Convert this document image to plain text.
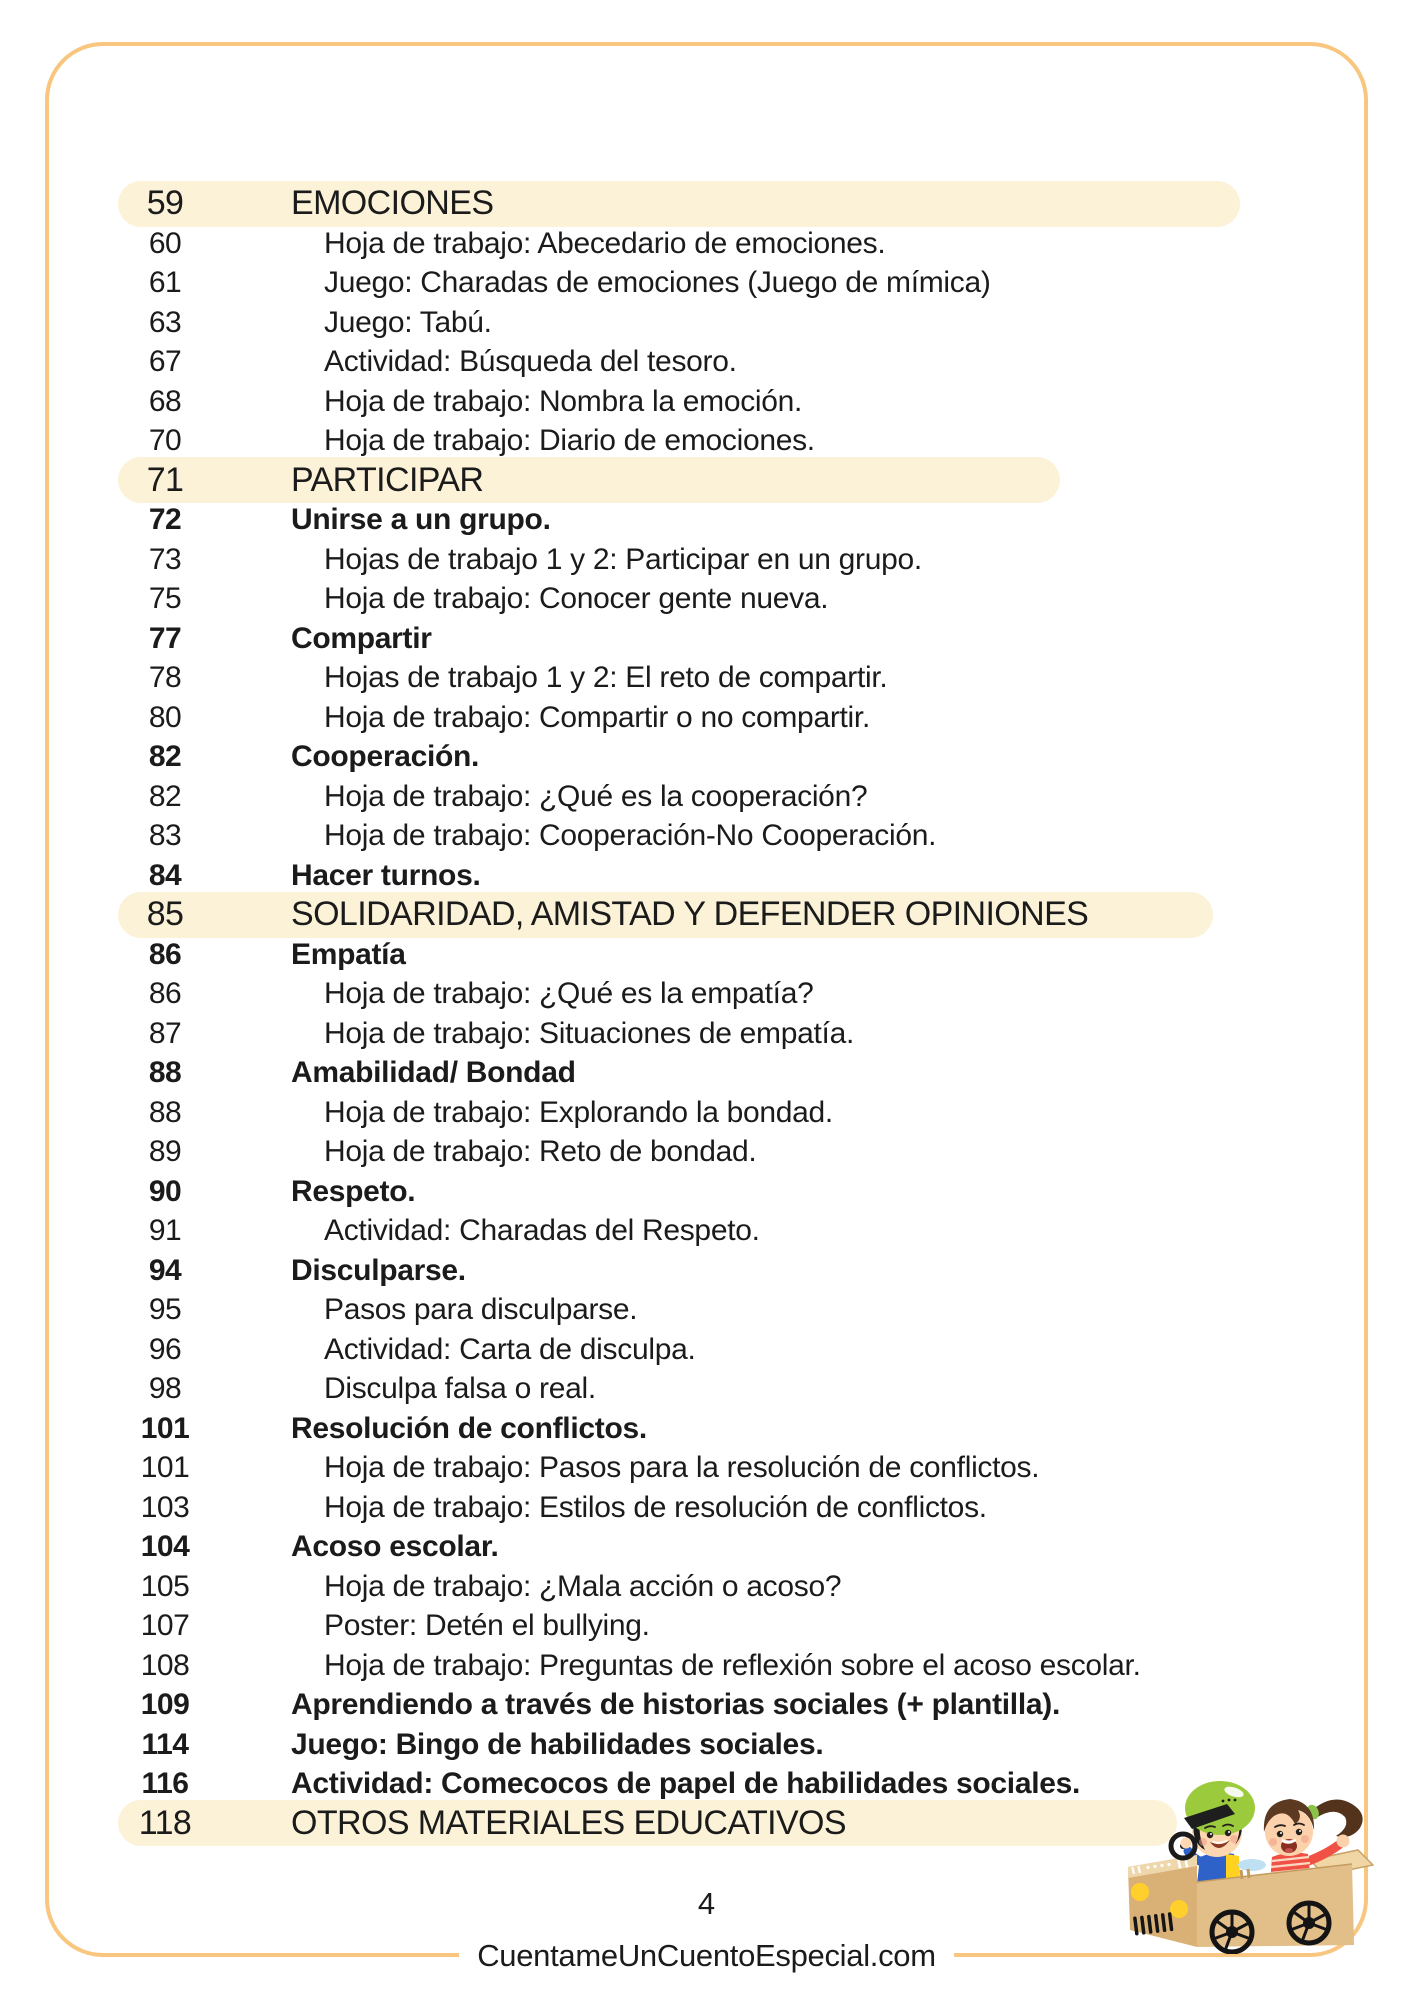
59	EMOCIONES
60	Hoja de trabajo: Abecedario de emociones.
61	Juego: Charadas de emociones (Juego de mímica)
63	Juego: Tabú.
67	Actividad: Búsqueda del tesoro.
68	Hoja de trabajo: Nombra la emoción.
70	Hoja de trabajo: Diario de emociones.
71	PARTICIPAR
72	Unirse a un grupo.
73	Hojas de trabajo 1 y 2: Participar en un grupo.
75	Hoja de trabajo: Conocer gente nueva.
77	Compartir
78	Hojas de trabajo 1 y 2: El reto de compartir.
80	Hoja de trabajo: Compartir o no compartir.
82	Cooperación.
82	Hoja de trabajo: ¿Qué es la cooperación?
83	Hoja de trabajo: Cooperación-No Cooperación.
84	Hacer turnos.
85	SOLIDARIDAD, AMISTAD Y DEFENDER OPINIONES
86	Empatía
86	Hoja de trabajo: ¿Qué es la empatía?
87	Hoja de trabajo: Situaciones de empatía.
88	Amabilidad/ Bondad
88	Hoja de trabajo: Explorando la bondad.
89	Hoja de trabajo: Reto de bondad.
90	Respeto.
91	Actividad: Charadas del Respeto.
94	Disculparse.
95	Pasos para disculparse.
96	Actividad: Carta de disculpa.
98	Disculpa falsa o real.
101	Resolución de conflictos.
101	Hoja de trabajo: Pasos para la resolución de conflictos.
103	Hoja de trabajo: Estilos de resolución de conflictos.
104	Acoso escolar.
105	Hoja de trabajo: ¿Mala acción o acoso?
107	Poster: Detén el bullying.
108	Hoja de trabajo: Preguntas de reflexión sobre el acoso escolar.
109	Aprendiendo a través de historias sociales (+ plantilla).
114	Juego: Bingo de habilidades sociales.
116	Actividad: Comecocos de papel de habilidades sociales.
118	OTROS MATERIALES EDUCATIVOS
4
CuentameUnCuentoEspecial.com
